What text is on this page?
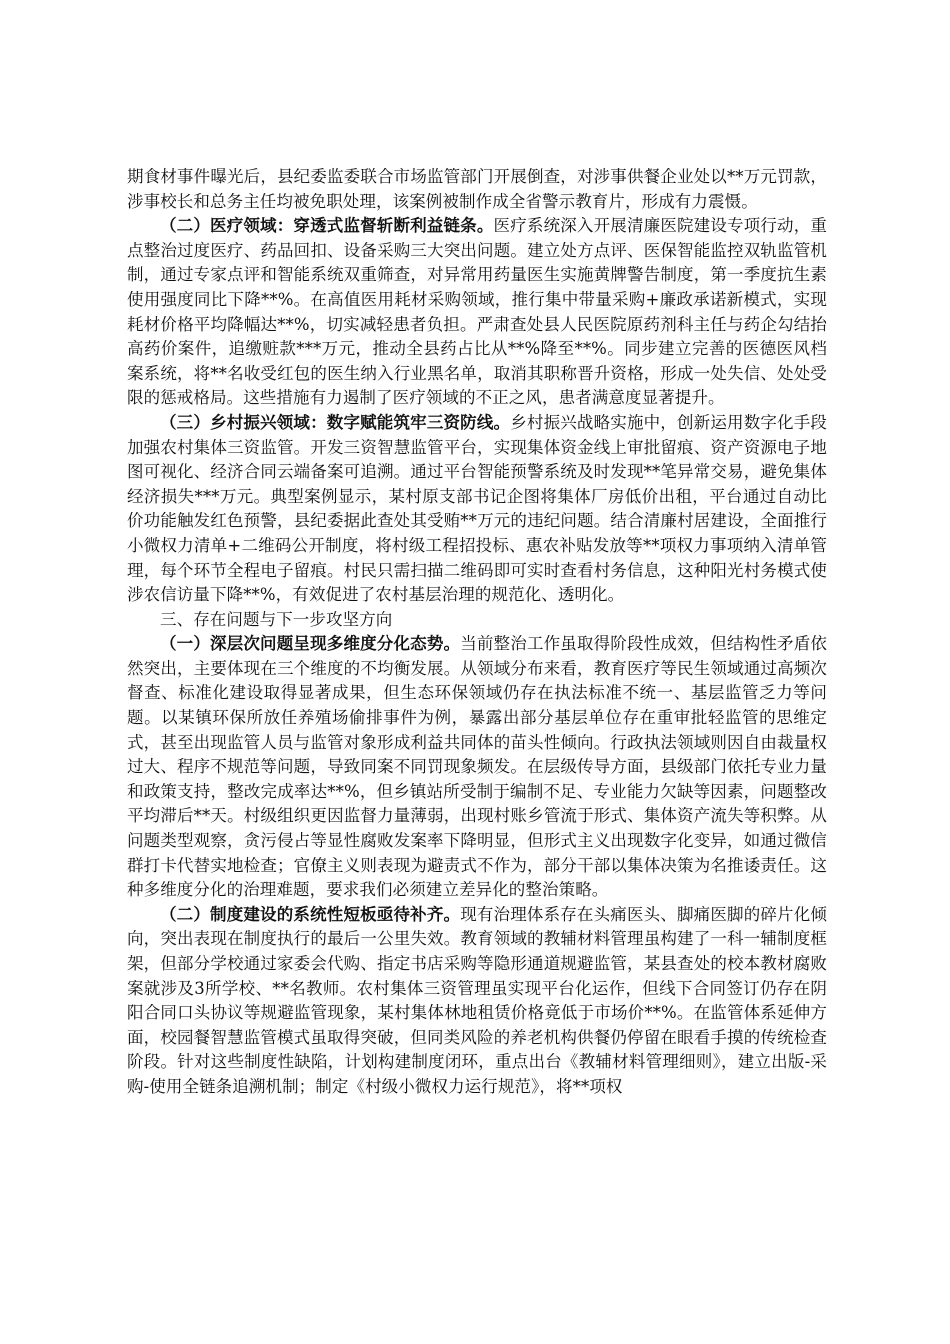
期食材事件曝光后，县纪委监委联合市场监管部门开展倒查，对涉事供餐企业处以**万元罚款，涉事校长和总务主任均被免职处理，该案例被制作成全省警示教育片，形成有力震慑。

（二）医疗领域：穿透式监督斩断利益链条。医疗系统深入开展清廉医院建设专项行动，重点整治过度医疗、药品回扣、设备采购三大突出问题。建立处方点评、医保智能监控双轨监管机制，通过专家点评和智能系统双重筛查，对异常用药量医生实施黄牌警告制度，第一季度抗生素使用强度同比下降**%。在高值医用耗材采购领域，推行集中带量采购+廉政承诺新模式，实现耗材价格平均降幅达**%，切实减轻患者负担。严肃查处县人民医院原药剂科主任与药企勾结抬高药价案件，追缴赃款***万元，推动全县药占比从**%降至**%。同步建立完善的医德医风档案系统，将**名收受红包的医生纳入行业黑名单，取消其职称晋升资格，形成一处失信、处处受限的惩戒格局。这些措施有力遏制了医疗领域的不正之风，患者满意度显著提升。

（三）乡村振兴领域：数字赋能筑牢三资防线。乡村振兴战略实施中，创新运用数字化手段加强农村集体三资监管。开发三资智慧监管平台，实现集体资金线上审批留痕、资产资源电子地图可视化、经济合同云端备案可追溯。通过平台智能预警系统及时发现**笔异常交易，避免集体经济损失***万元。典型案例显示，某村原支部书记企图将集体厂房低价出租，平台通过自动比价功能触发红色预警，县纪委据此查处其受贿**万元的违纪问题。结合清廉村居建设，全面推行小微权力清单+二维码公开制度，将村级工程招投标、惠农补贴发放等**项权力事项纳入清单管理，每个环节全程电子留痕。村民只需扫描二维码即可实时查看村务信息，这种阳光村务模式使涉农信访量下降**%，有效促进了农村基层治理的规范化、透明化。

三、存在问题与下一步攻坚方向

（一）深层次问题呈现多维度分化态势。当前整治工作虽取得阶段性成效，但结构性矛盾依然突出，主要体现在三个维度的不均衡发展。从领域分布来看，教育医疗等民生领域通过高频次督查、标准化建设取得显著成果，但生态环保领域仍存在执法标准不统一、基层监管乏力等问题。以某镇环保所放任养殖场偷排事件为例，暴露出部分基层单位存在重审批轻监管的思维定式，甚至出现监管人员与监管对象形成利益共同体的苗头性倾向。行政执法领域则因自由裁量权过大、程序不规范等问题，导致同案不同罚现象频发。在层级传导方面，县级部门依托专业力量和政策支持，整改完成率达**%，但乡镇站所受制于编制不足、专业能力欠缺等因素，问题整改平均滞后**天。村级组织更因监督力量薄弱，出现村账乡管流于形式、集体资产流失等积弊。从问题类型观察，贪污侵占等显性腐败发案率下降明显，但形式主义出现数字化变异，如通过微信群打卡代替实地检查；官僚主义则表现为避责式不作为，部分干部以集体决策为名推诿责任。这种多维度分化的治理难题，要求我们必须建立差异化的整治策略。

（二）制度建设的系统性短板亟待补齐。现有治理体系存在头痛医头、脚痛医脚的碎片化倾向，突出表现在制度执行的最后一公里失效。教育领域的教辅材料管理虽构建了一科一辅制度框架，但部分学校通过家委会代购、指定书店采购等隐形通道规避监管，某县查处的校本教材腐败案就涉及3所学校、**名教师。农村集体三资管理虽实现平台化运作，但线下合同签订仍存在阴阳合同口头协议等规避监管现象，某村集体林地租赁价格竟低于市场价**%。在监管体系延伸方面，校园餐智慧监管模式虽取得突破，但同类风险的养老机构供餐仍停留在眼看手摸的传统检查阶段。针对这些制度性缺陷，计划构建制度闭环，重点出台《教辅材料管理细则》，建立出版-采购-使用全链条追溯机制；制定《村级小微权力运行规范》，将**项权
